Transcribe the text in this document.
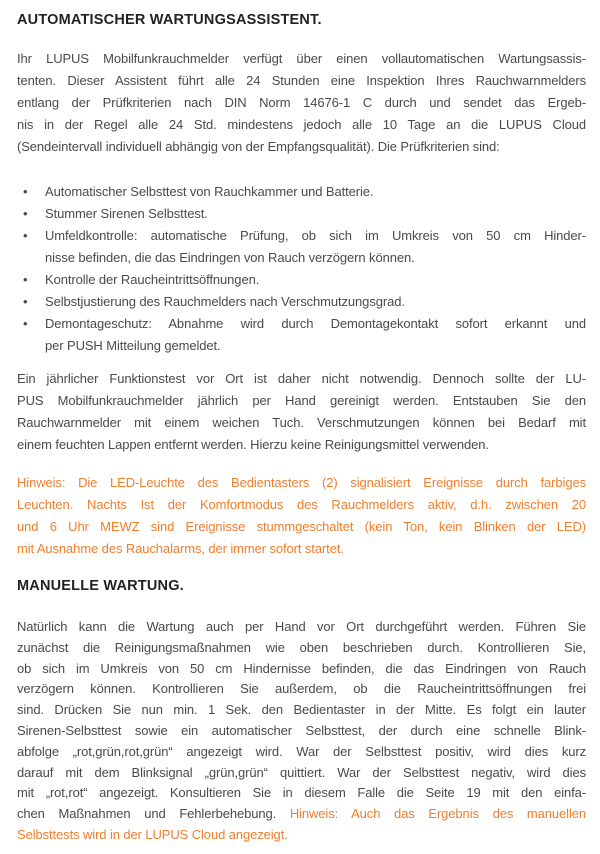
AUTOMATISCHER WARTUNGSASSISTENT.
Ihr LUPUS Mobilfunkrauchmelder verfügt über einen vollautomatischen Wartungsassis-
tenten. Dieser Assistent führt alle 24 Stunden eine Inspektion Ihres Rauchwarnmelders
entlang der Prüfkriterien nach DIN Norm 14676-1 C durch und sendet das Ergeb-
nis in der Regel alle 24 Std. mindestens jedoch alle 10 Tage an die LUPUS Cloud
(Sendeintervall individuell abhängig von der Empfangsqualität). Die Prüfkriterien sind:
•	Automatischer Selbsttest von Rauchkammer und Batterie.
•	Stummer Sirenen Selbsttest.
•	Umfeldkontrolle: automatische Prüfung, ob sich im Umkreis von 50 cm Hinder-
nisse befinden, die das Eindringen von Rauch verzögern können.
•	Kontrolle der Raucheintrittsöffnungen.
•	Selbstjustierung des Rauchmelders nach Verschmutzungsgrad.
•	Demontageschutz: Abnahme wird durch Demontagekontakt sofort erkannt und
per PUSH Mitteilung gemeldet.
Ein jährlicher Funktionstest vor Ort ist daher nicht notwendig. Dennoch sollte der LU-
PUS Mobilfunkrauchmelder jährlich per Hand gereinigt werden. Entstauben Sie den
Rauchwarnmelder mit einem weichen Tuch. Verschmutzungen können bei Bedarf mit
einem feuchten Lappen entfernt werden. Hierzu keine Reinigungsmittel verwenden.
Hinweis: Die LED-Leuchte des Bedientasters (2) signalisiert Ereignisse durch farbiges
Leuchten. Nachts Ist der Komfortmodus des Rauchmelders aktiv, d.h. zwischen 20
und 6 Uhr MEWZ sind Ereignisse stummgeschaltet (kein Ton, kein Blinken der LED)
mit Ausnahme des Rauchalarms, der immer sofort startet.
MANUELLE WARTUNG.
Natürlich kann die Wartung auch per Hand vor Ort durchgeführt werden. Führen Sie
zunächst die Reinigungsmaßnahmen wie oben beschrieben durch. Kontrollieren Sie,
ob sich im Umkreis von 50 cm Hindernisse befinden, die das Eindringen von Rauch
verzögern können. Kontrollieren Sie außerdem, ob die Raucheintrittsöffnungen frei
sind. Drücken Sie nun min. 1 Sek. den Bedientaster in der Mitte. Es folgt ein lauter
Sirenen-Selbsttest sowie ein automatischer Selbsttest, der durch eine schnelle Blink-
abfolge „rot,grün,rot,grün“ angezeigt wird. War der Selbsttest positiv, wird dies kurz
darauf mit dem Blinksignal „grün,grün“ quittiert. War der Selbsttest negativ, wird dies
mit „rot,rot“ angezeigt. Konsultieren Sie in diesem Falle die Seite 19 mit den einfa-
chen Maßnahmen und Fehlerbehebung. Hinweis: Auch das Ergebnis des manuellen
Selbsttests wird in der LUPUS Cloud angezeigt.
